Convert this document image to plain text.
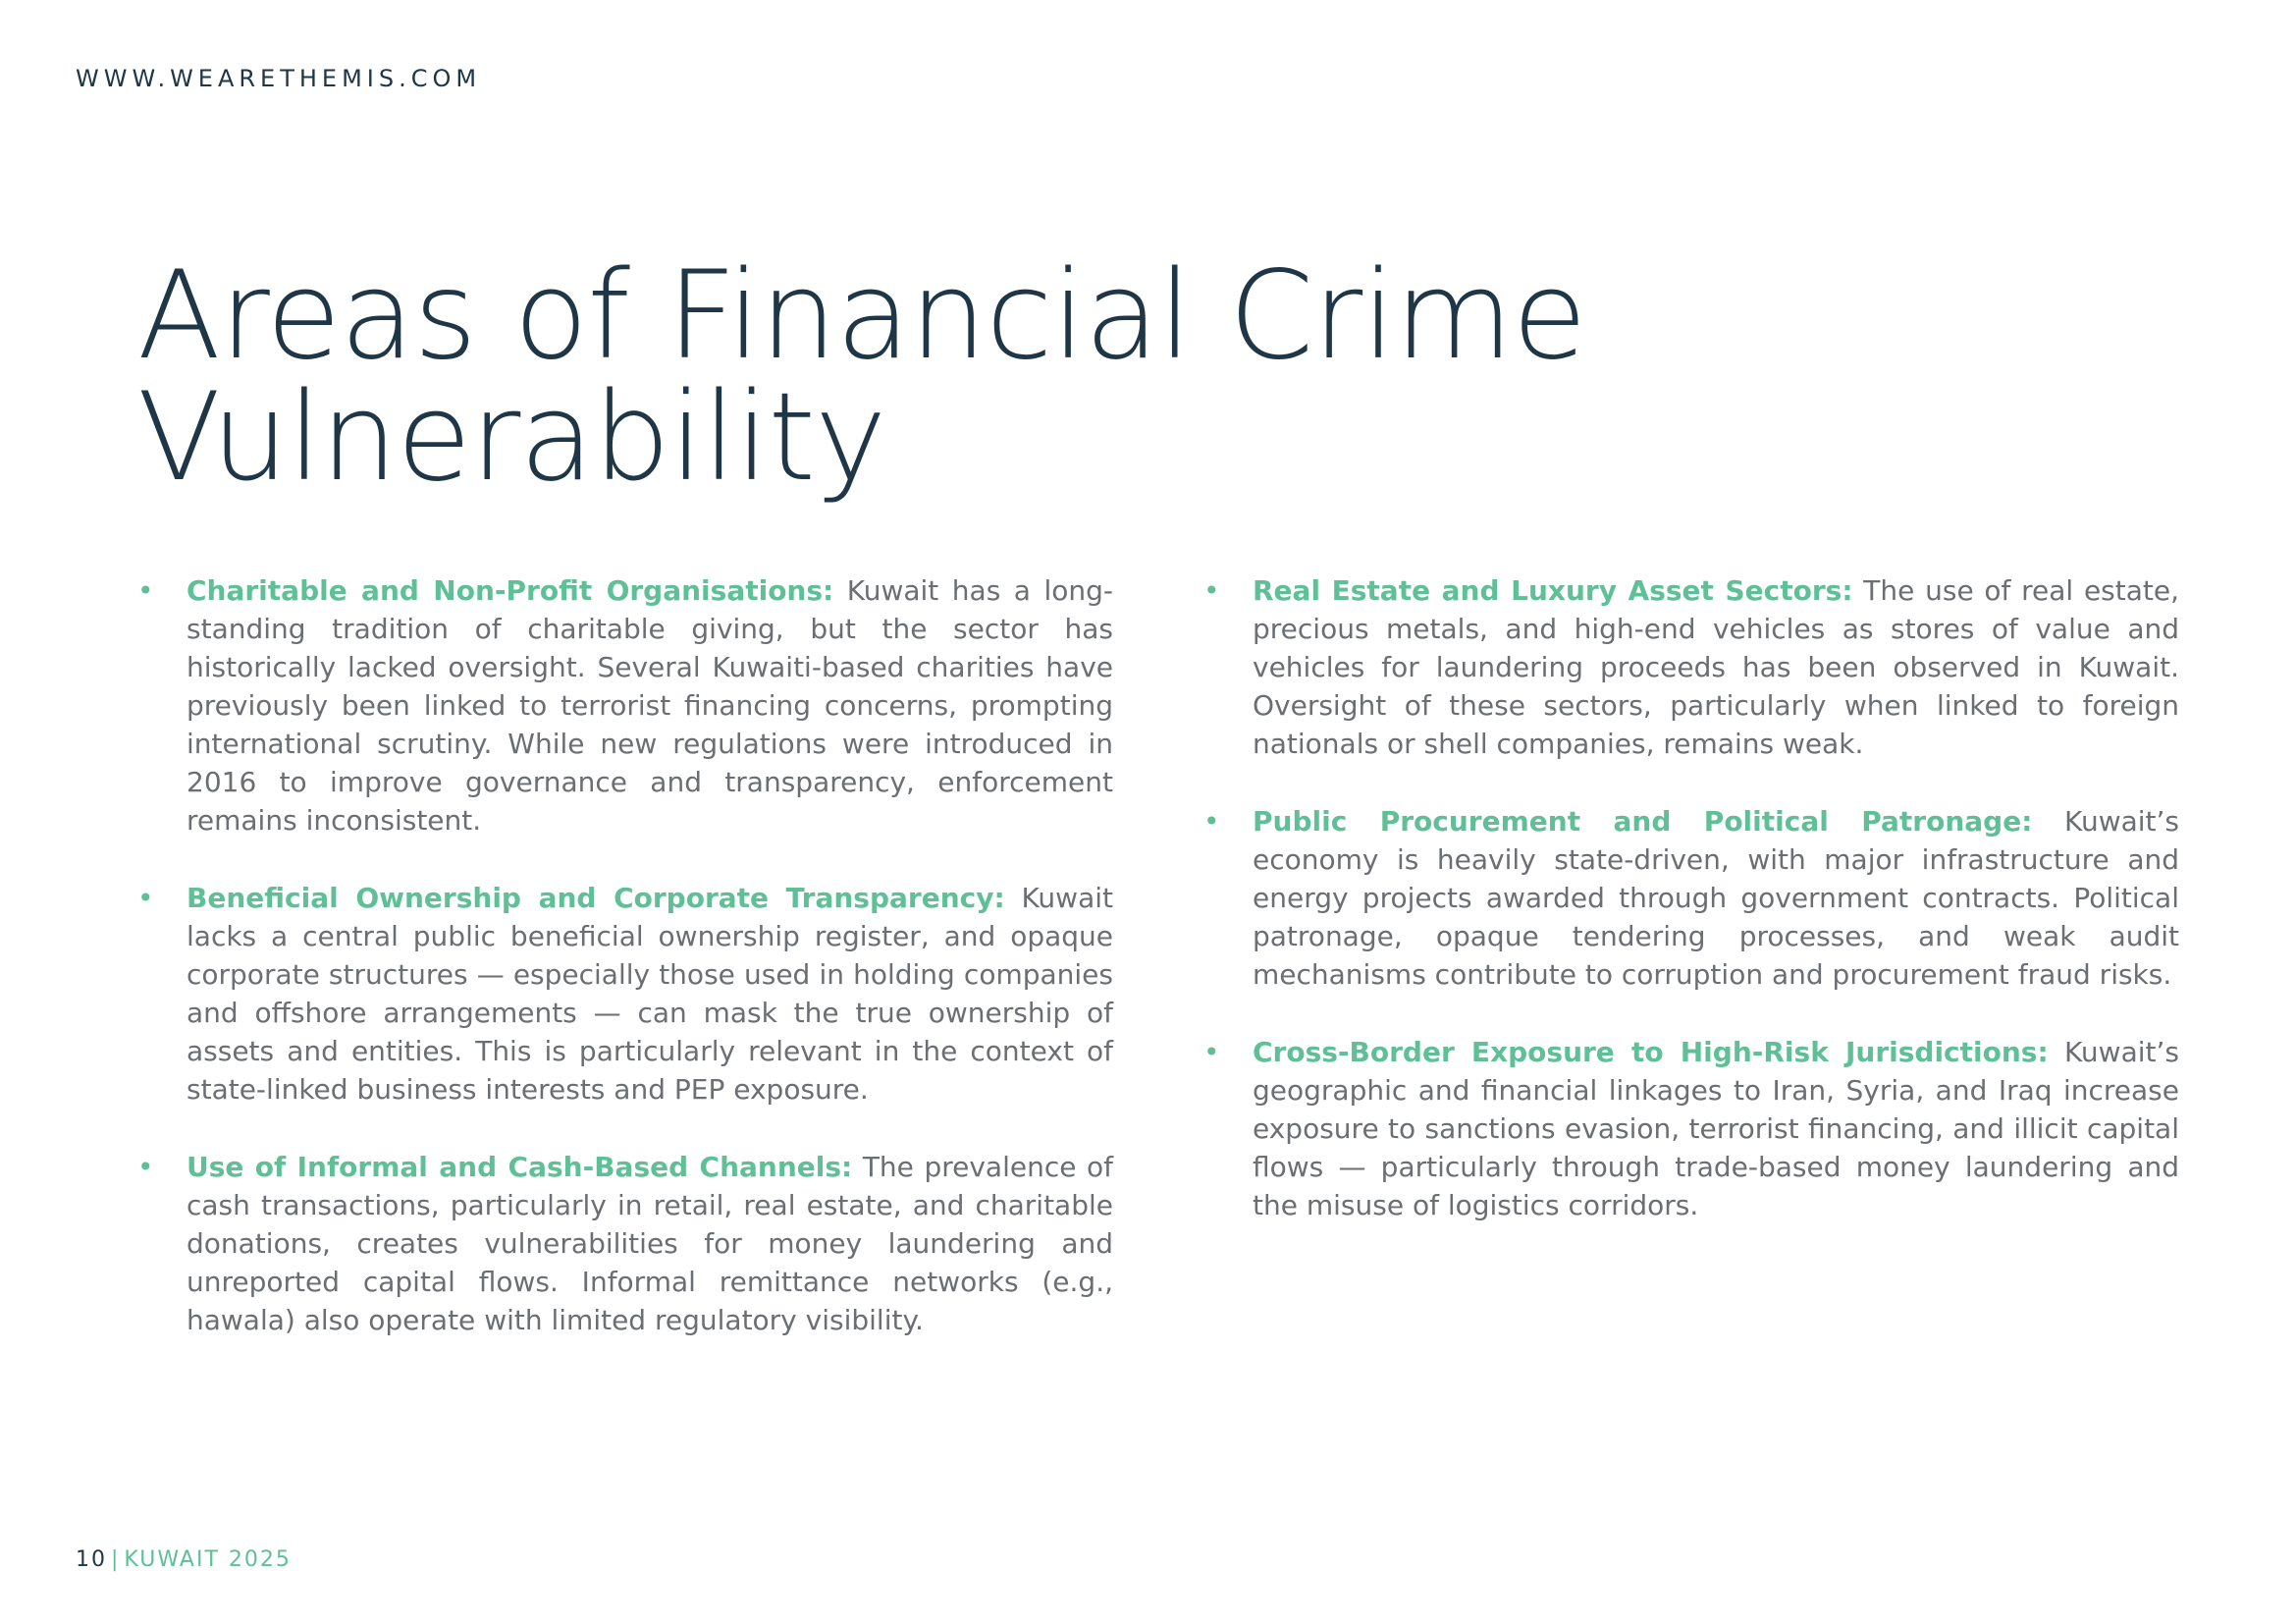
WWW.WEARETHEMIS.COM
Areas of Financial Crime
Vulnerability

• Charitable and Non-Profit Organisations: Kuwait has a long-standing tradition of charitable giving, but the sector has historically lacked oversight. Several Kuwaiti-based charities have previously been linked to terrorist financing concerns, prompting international scrutiny. While new regulations were introduced in 2016 to improve governance and transparency, enforcement remains inconsistent.

• Beneficial Ownership and Corporate Transparency: Kuwait lacks a central public beneficial ownership register, and opaque corporate structures — especially those used in holding companies and offshore arrangements — can mask the true ownership of assets and entities. This is particularly relevant in the context of state-linked business interests and PEP exposure.

• Use of Informal and Cash-Based Channels: The prevalence of cash transactions, particularly in retail, real estate, and charitable donations, creates vulnerabilities for money laundering and unreported capital flows. Informal remittance networks (e.g., hawala) also operate with limited regulatory visibility.

• Real Estate and Luxury Asset Sectors: The use of real estate, precious metals, and high-end vehicles as stores of value and vehicles for laundering proceeds has been observed in Kuwait. Oversight of these sectors, particularly when linked to foreign nationals or shell companies, remains weak.

• Public Procurement and Political Patronage: Kuwait’s economy is heavily state-driven, with major infrastructure and energy projects awarded through government contracts. Political patronage, opaque tendering processes, and weak audit mechanisms contribute to corruption and procurement fraud risks.

• Cross-Border Exposure to High-Risk Jurisdictions: Kuwait’s geographic and financial linkages to Iran, Syria, and Iraq increase exposure to sanctions evasion, terrorist financing, and illicit capital flows — particularly through trade-based money laundering and the misuse of logistics corridors.

10 | KUWAIT 2025
